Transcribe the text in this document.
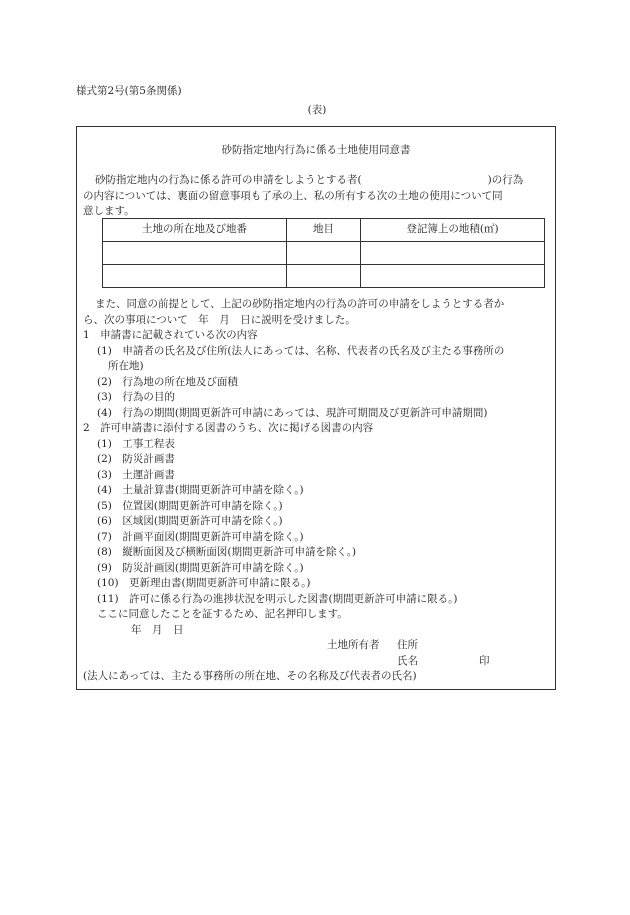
様式第2号(第5条関係)
(表)
砂防指定地内行為に係る土地使用同意書
砂防指定地内の行為に係る許可の申請をしようとする者(　　　　　　　　　　　　)の行為
の内容については、裏面の留意事項も了承の上、私の所有する次の土地の使用について同
意します。
土地の所在地及び地番	地目	登記簿上の地積(㎡)

また、同意の前提として、上記の砂防指定地内の行為の許可の申請をしようとする者か
ら、次の事項について　年　月　日に説明を受けました。
1　申請書に記載されている次の内容
(1)　申請者の氏名及び住所(法人にあっては、名称、代表者の氏名及び主たる事務所の
所在地)
(2)　行為地の所在地及び面積
(3)　行為の目的
(4)　行為の期間(期間更新許可申請にあっては、現許可期間及び更新許可申請期間)
2　許可申請書に添付する図書のうち、次に掲げる図書の内容
(1)　工事工程表
(2)　防災計画書
(3)　土運計画書
(4)　土量計算書(期間更新許可申請を除く。)
(5)　位置図(期間更新許可申請を除く。)
(6)　区域図(期間更新許可申請を除く。)
(7)　計画平面図(期間更新許可申請を除く。)
(8)　縦断面図及び横断面図(期間更新許可申請を除く。)
(9)　防災計画図(期間更新許可申請を除く。)
(10)　更新理由書(期間更新許可申請に限る。)
(11)　許可に係る行為の進捗状況を明示した図書(期間更新許可申請に限る。)
ここに同意したことを証するため、記名押印します。
年　月　日
土地所有者 住所
氏名	印
(法人にあっては、主たる事務所の所在地、その名称及び代表者の氏名)
